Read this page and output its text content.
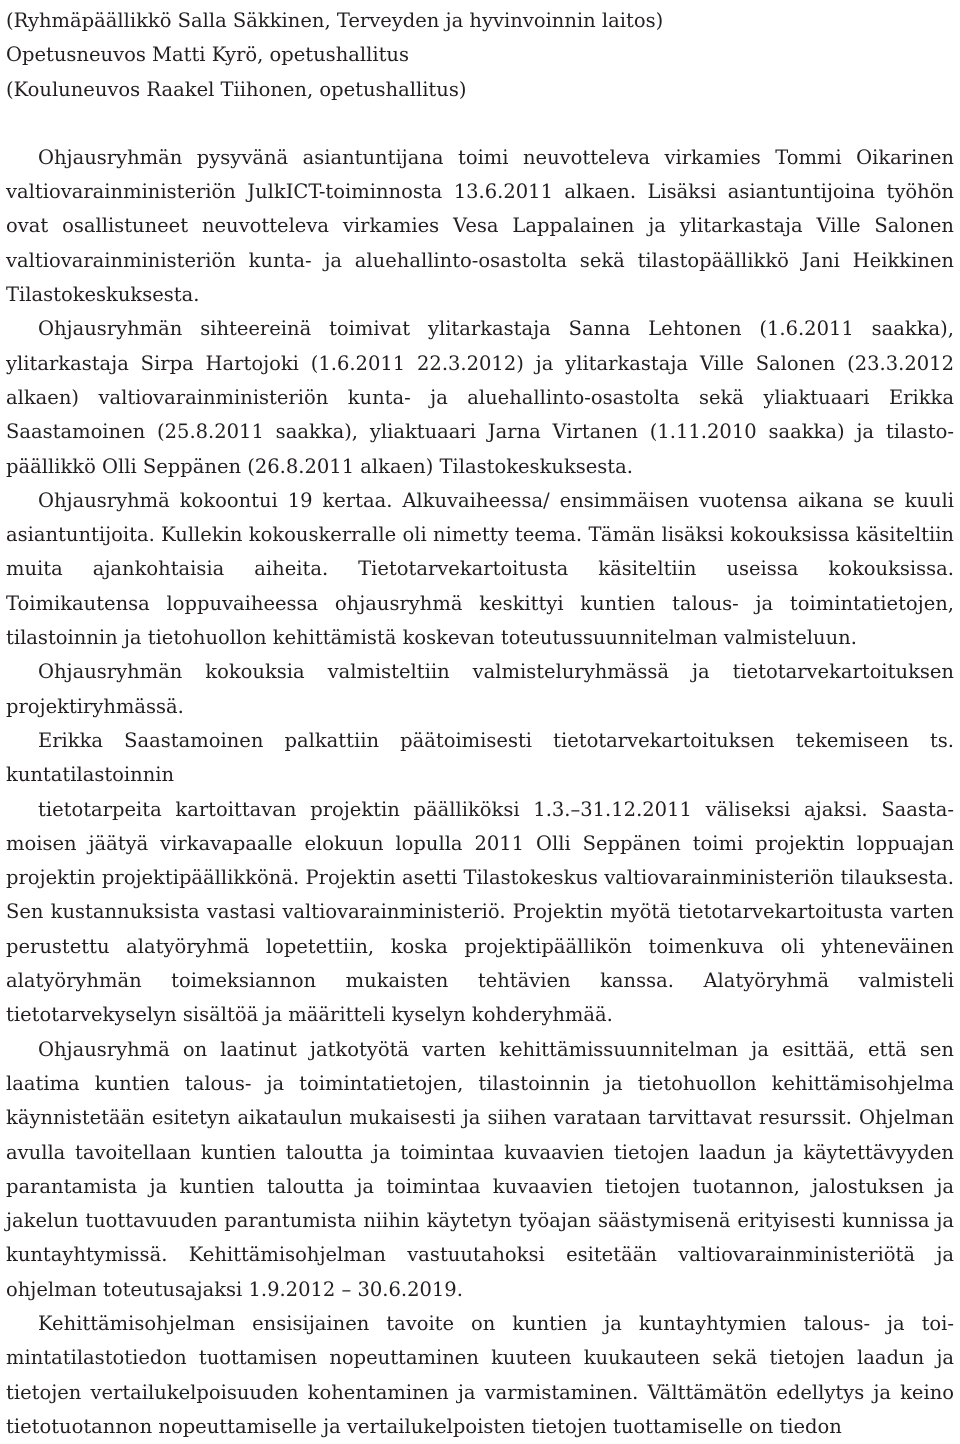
(Ryhmäpäällikkö Salla Säkkinen, Terveyden ja hyvinvoinnin laitos)

Opetusneuvos Matti Kyrö, opetushallitus

(Kouluneuvos Raakel Tiihonen, opetushallitus)

Ohjausryhmän pysyvänä asiantuntijana toimi neuvotteleva virkamies Tommi Oikarinen valtiovarainministeriön JulkICT-toiminnosta 13.6.2011 alkaen. Lisäksi asiantuntijoina työhön ovat osallistuneet neuvotteleva virkamies Vesa Lappalainen ja ylitarkastaja Ville Salonen valtiovarainministeriön kunta- ja aluehallinto-osastolta sekä tilastopäällikkö Jani Heikkinen Tilastokeskuksesta.

Ohjausryhmän sihteereinä toimivat ylitarkastaja Sanna Lehtonen (1.6.2011 saakka), ylitarkastaja Sirpa Hartojoki (1.6.2011 22.3.2012) ja ylitarkastaja Ville Salonen (23.3.2012 alkaen) valtiovarainministeriön kunta- ja aluehallinto-osastolta sekä yliaktuaari Erikka Saastamoinen (25.8.2011 saakka), yliaktuaari Jarna Virtanen (1.11.2010 saakka) ja tilastopäällikkö Olli Seppänen (26.8.2011 alkaen) Tilastokeskuksesta.

Ohjausryhmä kokoontui 19 kertaa. Alkuvaiheessa/ ensimmäisen vuotensa aikana se kuuli asiantuntijoita. Kullekin kokouskerralle oli nimetty teema. Tämän lisäksi kokouksissa käsiteltiin muita ajankohtaisia aiheita. Tietotarvekartoitusta käsiteltiin useissa kokouksissa. Toimikautensa loppuvaiheessa ohjausryhmä keskittyi kuntien talous- ja toimintatietojen, tilastoinnin ja tietohuollon kehittämistä koskevan toteutussuunnitelman valmisteluun.

Ohjausryhmän kokouksia valmisteltiin valmisteluryhmässä ja tietotarvekartoituksen projektiryhmässä.

Erikka Saastamoinen palkattiin päätoimisesti tietotarvekartoituksen tekemiseen ts. kuntatilastoinnin

tietotarpeita kartoittavan projektin päälliköksi 1.3.–31.12.2011 väliseksi ajaksi. Saastamoisen jäätyä virkavapaalle elokuun lopulla 2011 Olli Seppänen toimi projektin loppuajan projektin projektipäällikkönä. Projektin asetti Tilastokeskus valtiovarainministeriön tilauksesta. Sen kustannuksista vastasi valtiovarainministeriö. Projektin myötä tietotarvekartoitusta varten perustettu alatyöryhmä lopetettiin, koska projektipäällikön toimenkuva oli yhteneväinen alatyöryhmän toimeksiannon mukaisten tehtävien kanssa. Alatyöryhmä valmisteli tietotarvekyselyn sisältöä ja määritteli kyselyn kohderyhmää.

Ohjausryhmä on laatinut jatkotyötä varten kehittämissuunnitelman ja esittää, että sen laatima kuntien talous- ja toimintatietojen, tilastoinnin ja tietohuollon kehittämisohjelma käynnistetään esitetyn aikataulun mukaisesti ja siihen varataan tarvittavat resurssit. Ohjelman avulla tavoitellaan kuntien taloutta ja toimintaa kuvaavien tietojen laadun ja käytettävyyden parantamista ja kuntien taloutta ja toimintaa kuvaavien tietojen tuotannon, jalostuksen ja jakelun tuottavuuden parantumista niihin käytetyn työajan säästymisenä erityisesti kunnissa ja kuntayhtymissä. Kehittämisohjelman vastuutahoksi esitetään valtiovarainministeriötä ja ohjelman toteutusajaksi 1.9.2012 – 30.6.2019.

Kehittämisohjelman ensisijainen tavoite on kuntien ja kuntayhtymien talous- ja toimintatilastotiedon tuottamisen nopeuttaminen kuuteen kuukauteen sekä tietojen laadun ja tietojen vertailukelpoisuuden kohentaminen ja varmistaminen. Välttämätön edellytys ja keino tietotuotannon nopeuttamiselle ja vertailukelpoisten tietojen tuottamiselle on tiedon
